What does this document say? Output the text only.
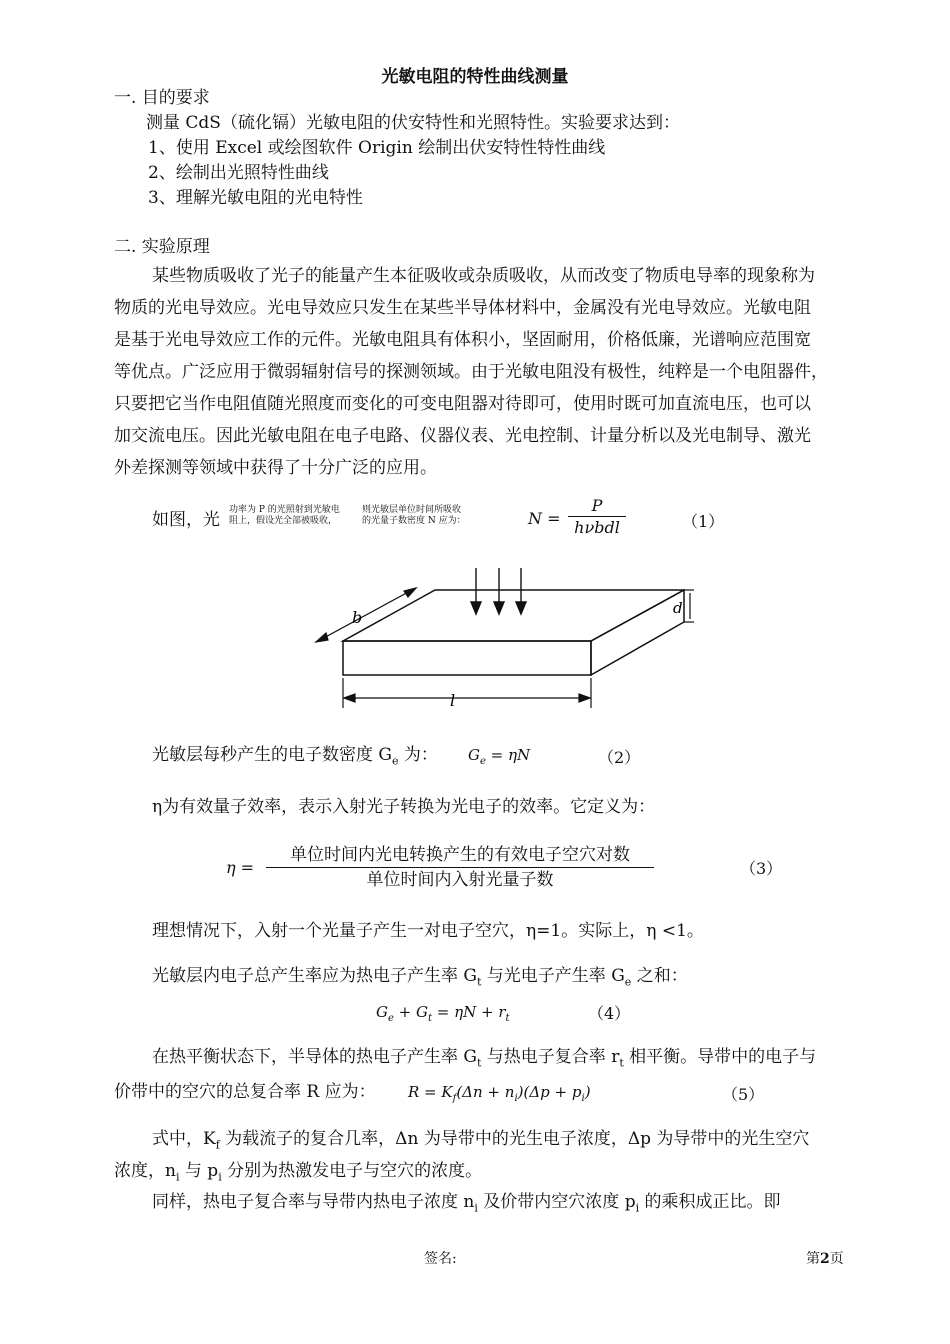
光敏电阻的特性曲线测量
一. 目的要求
测量 CdS（硫化镉）光敏电阻的伏安特性和光照特性。实验要求达到：
1、使用 Excel 或绘图软件 Origin 绘制出伏安特性特性曲线
2、绘制出光照特性曲线
3、理解光敏电阻的光电特性
二. 实验原理
某些物质吸收了光子的能量产生本征吸收或杂质吸收，从而改变了物质电导率的现象称为
物质的光电导效应。光电导效应只发生在某些半导体材料中，金属没有光电导效应。光敏电阻
是基于光电导效应工作的元件。光敏电阻具有体积小，坚固耐用，价格低廉，光谱响应范围宽
等优点。广泛应用于微弱辐射信号的探测领域。由于光敏电阻没有极性，纯粹是一个电阻器件，
只要把它当作电阻值随光照度而变化的可变电阻器对待即可，使用时既可加直流电压，也可以
加交流电压。因此光敏电阻在电子电路、仪器仪表、光电控制、计量分析以及光电制导、激光
外差探测等领域中获得了十分广泛的应用。
如图，光 功率为 P 的光照射到光敏电
阻上，假设光全部被吸收，
则光敏层单位时间所吸收
的光量子数密度 N 应为：	N =
P
hνbdl	（1）
b	d
l
光敏层每秒产生的电子数密度 $G_e$ 为： $G_e = \eta N$	（2）
η为有效量子效率，表示入射光子转换为光电子的效率。它定义为：
η =
单位时间内光电转换产生的有效电子空穴对数
单位时间内入射光量子数
（3）
理想情况下，入射一个光量子产生一对电子空穴，η=1。实际上，η <1。
光敏层内电子总产生率应为热电子产生率 $G_t$ 与光电子产生率 $G_e$ 之和：
$G_e + G_t = \eta N + r_t$	（4）
在热平衡状态下，半导体的热电子产生率 $G_t$ 与热电子复合率 $r_t$ 相平衡。导带中的电子与
价带中的空穴的总复合率 R 应为： $R = K_f(\Delta n + n_i)(\Delta p + p_i)$	（5）
式中，$K_f$ 为载流子的复合几率，Δn 为导带中的光生电子浓度，Δp 为导带中的光生空穴
浓度，$n_i$ 与 $p_i$ 分别为热激发电子与空穴的浓度。
同样，热电子复合率与导带内热电子浓度 $n_i$ 及价带内空穴浓度 $p_i$ 的乘积成正比。即
签名:	第2页
